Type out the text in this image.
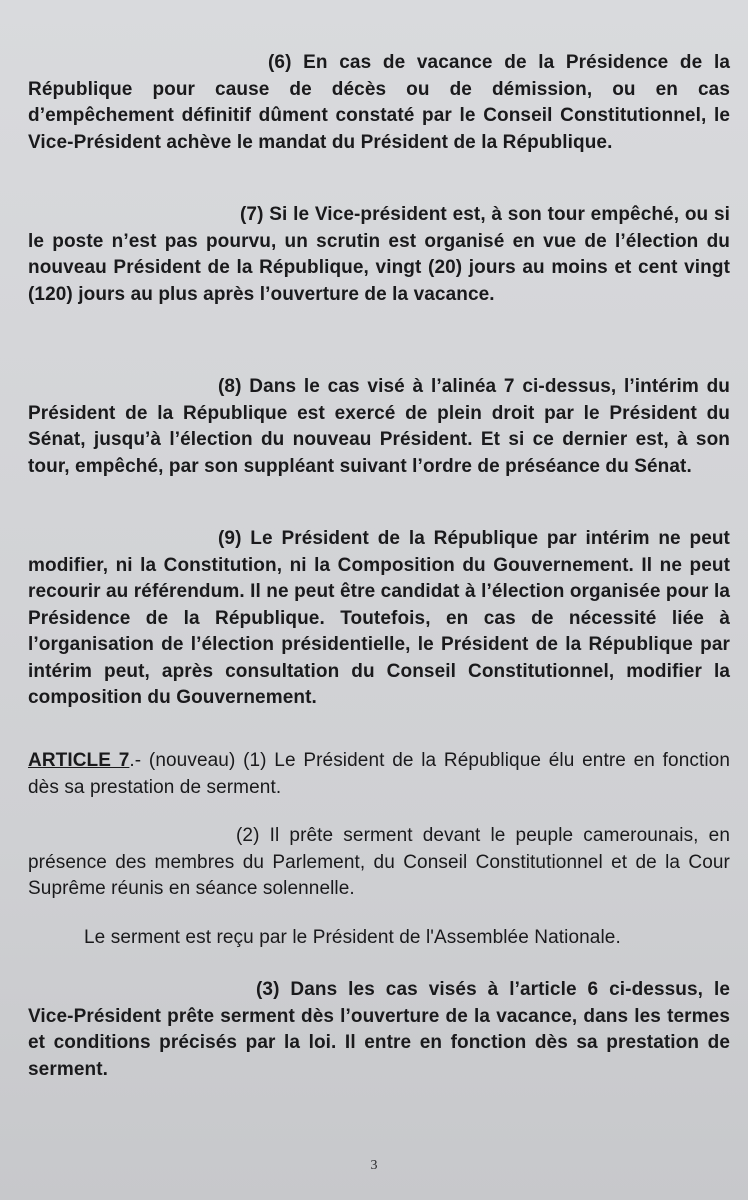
(6) En cas de vacance de la Présidence de la République pour cause de décès ou de démission, ou en cas d’empêchement définitif dûment constaté par le Conseil Constitutionnel, le Vice-Président achève le mandat du Président de la République.

(7) Si le Vice-président est, à son tour empêché, ou si le poste n’est pas pourvu, un scrutin est organisé en vue de l’élection du nouveau Président de la République, vingt (20) jours au moins et cent vingt (120) jours au plus après l’ouverture de la vacance.

(8) Dans le cas visé à l’alinéa 7 ci-dessus, l’intérim du Président de la République est exercé de plein droit par le Président du Sénat, jusqu’à l’élection du nouveau Président. Et si ce dernier est, à son tour, empêché, par son suppléant suivant l’ordre de préséance du Sénat.

(9) Le Président de la République par intérim ne peut modifier, ni la Constitution, ni la Composition du Gouvernement. Il ne peut recourir au référendum. Il ne peut être candidat à l’élection organisée pour la Présidence de la République. Toutefois, en cas de nécessité liée à l’organisation de l’élection présidentielle, le Président de la République par intérim peut, après consultation du Conseil Constitutionnel, modifier la composition du Gouvernement.

ARTICLE 7.- (nouveau) (1) Le Président de la République élu entre en fonction dès sa prestation de serment.

(2) Il prête serment devant le peuple camerounais, en présence des membres du Parlement, du Conseil Constitutionnel et de la Cour Suprême réunis en séance solennelle.

Le serment est reçu par le Président de l'Assemblée Nationale.

(3) Dans les cas visés à l’article 6 ci-dessus, le Vice-Président prête serment dès l’ouverture de la vacance, dans les termes et conditions précisés par la loi. Il entre en fonction dès sa prestation de serment.

3
